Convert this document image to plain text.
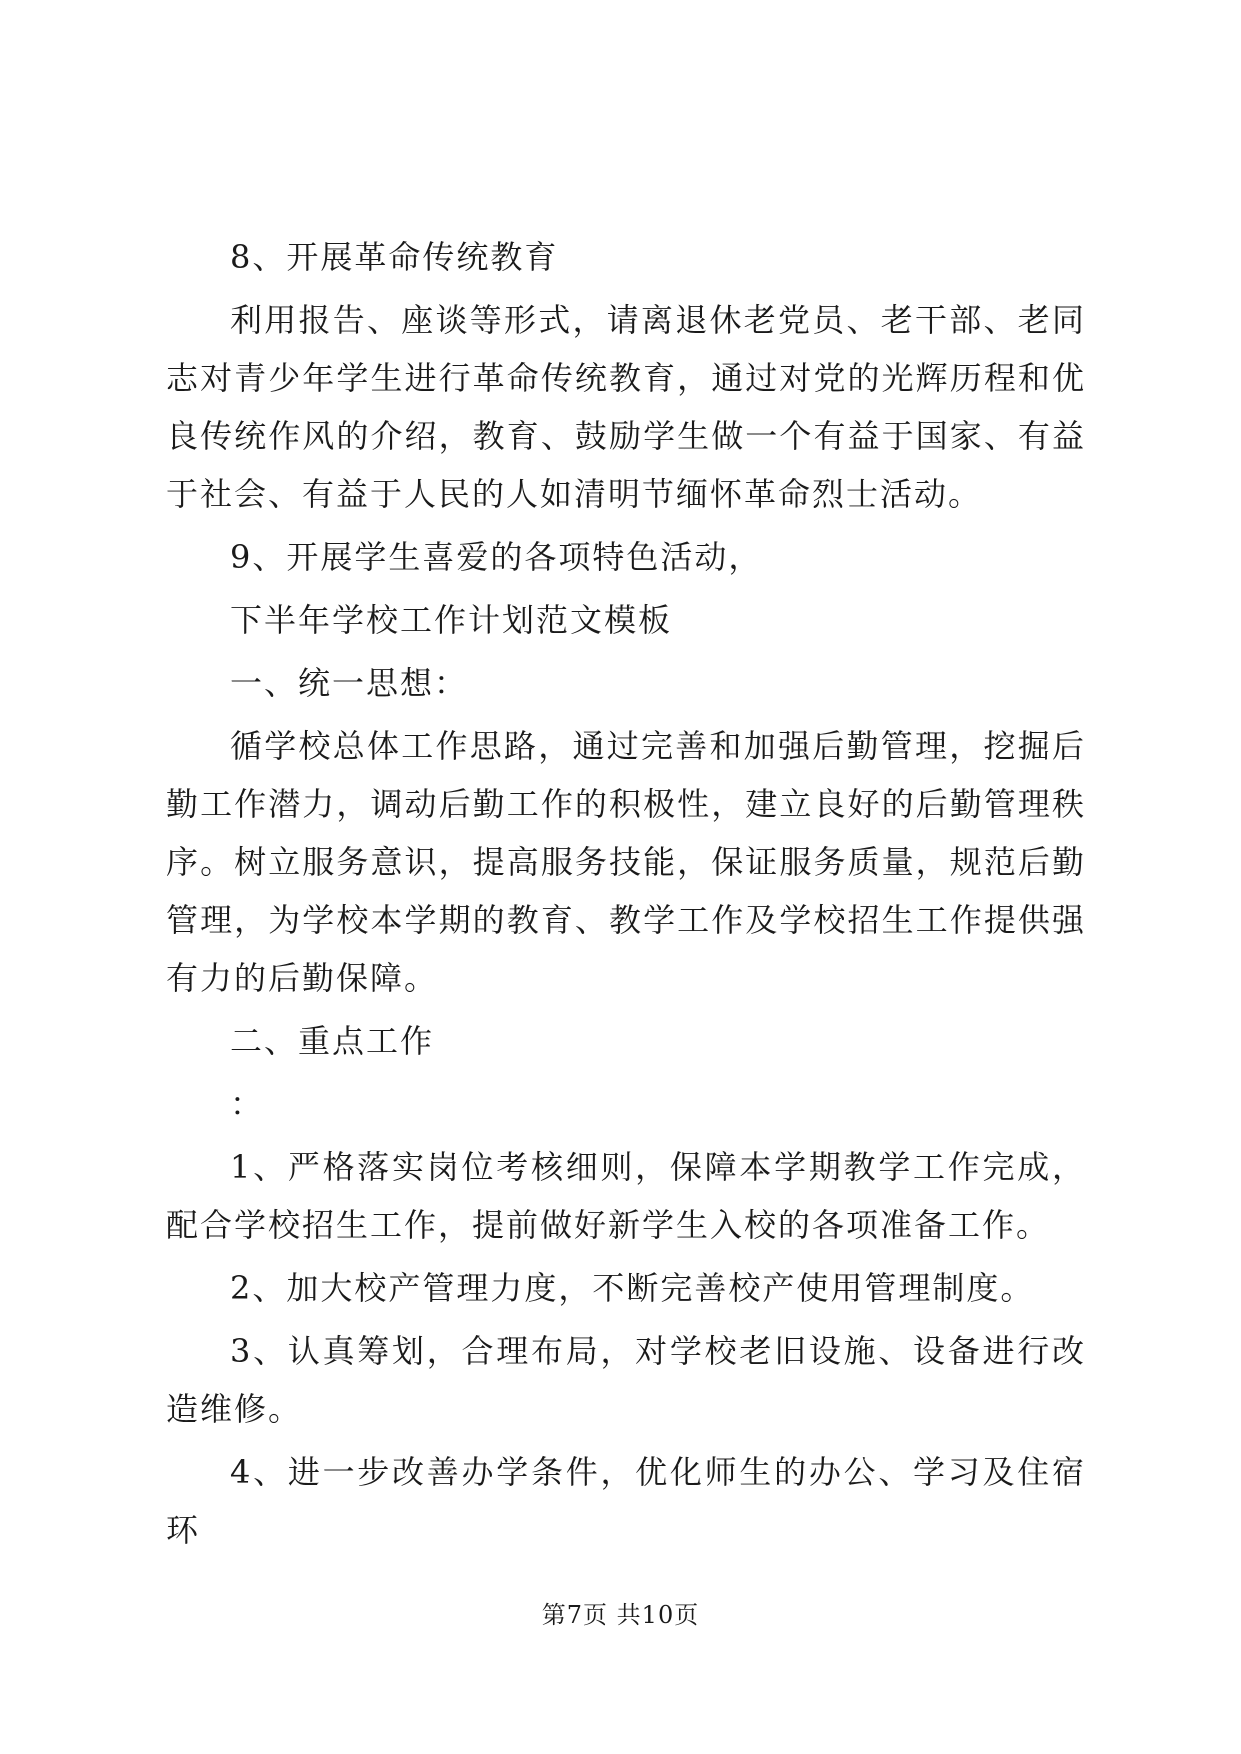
8、开展革命传统教育

利用报告、座谈等形式，请离退休老党员、老干部、老同志对青少年学生进行革命传统教育，通过对党的光辉历程和优良传统作风的介绍，教育、鼓励学生做一个有益于国家、有益于社会、有益于人民的人如清明节缅怀革命烈士活动。

9、开展学生喜爱的各项特色活动，

下半年学校工作计划范文模板

一、统一思想：

循学校总体工作思路，通过完善和加强后勤管理，挖掘后勤工作潜力，调动后勤工作的积极性，建立良好的后勤管理秩序。树立服务意识，提高服务技能，保证服务质量，规范后勤管理，为学校本学期的教育、教学工作及学校招生工作提供强有力的后勤保障。

二、重点工作

：

1、严格落实岗位考核细则，保障本学期教学工作完成，配合学校招生工作，提前做好新学生入校的各项准备工作。

2、加大校产管理力度，不断完善校产使用管理制度。

3、认真筹划，合理布局，对学校老旧设施、设备进行改造维修。

4、进一步改善办学条件，优化师生的办公、学习及住宿环

第7页 共10页
